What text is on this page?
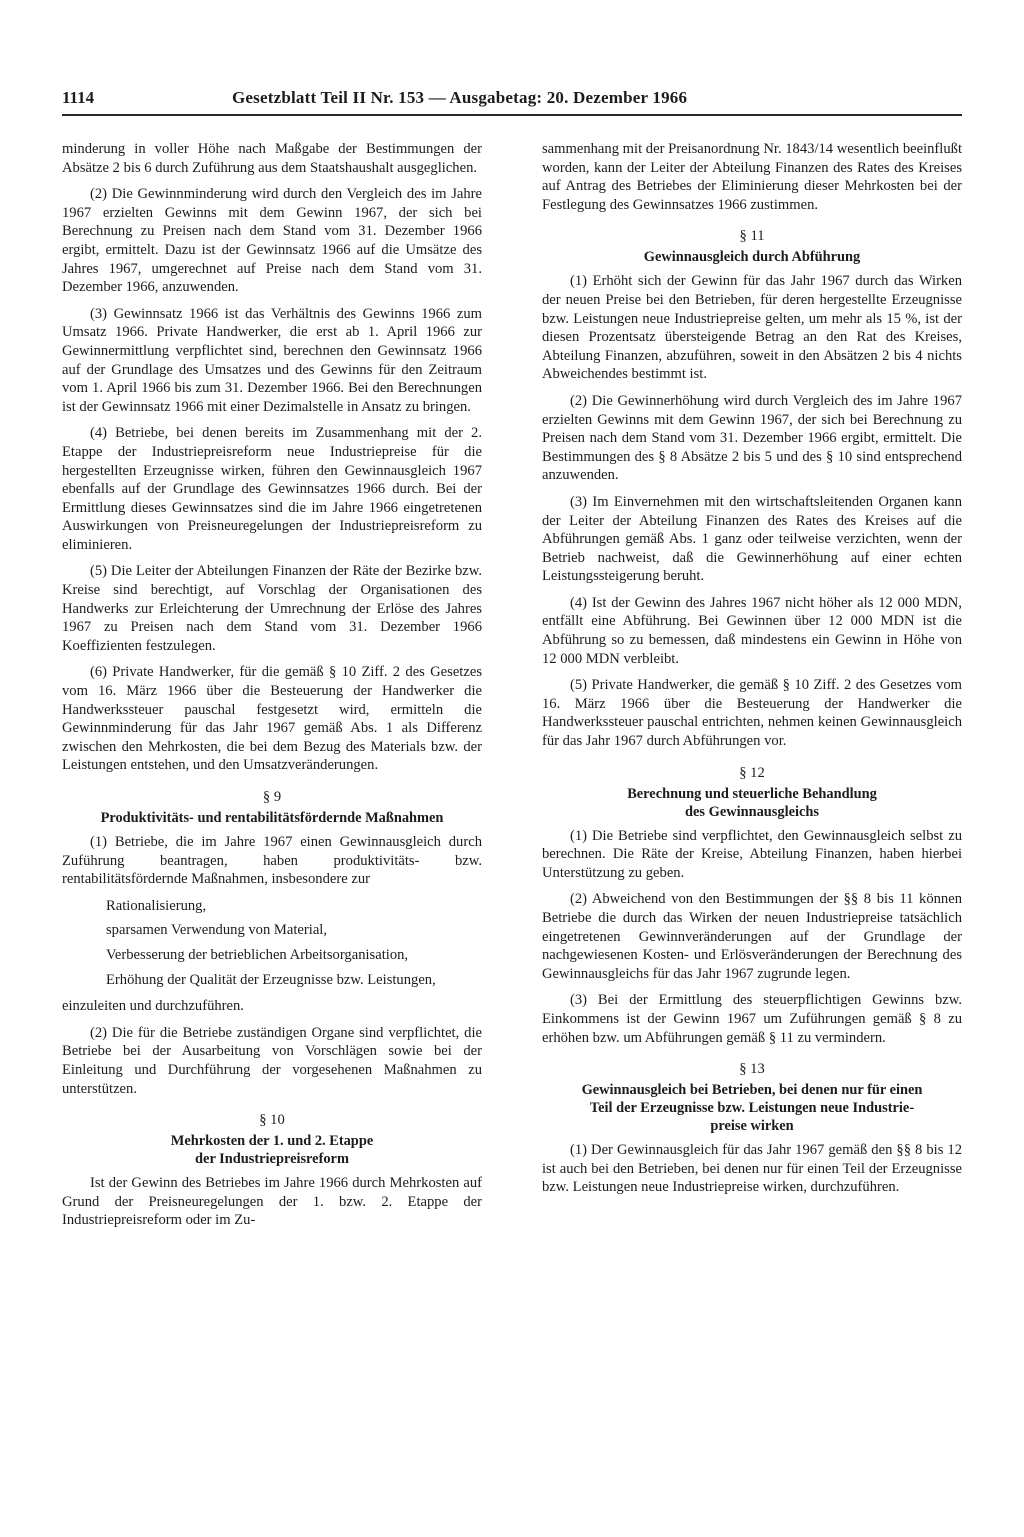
1114	Gesetzblatt Teil II Nr. 153 — Ausgabetag: 20. Dezember 1966

minderung in voller Höhe nach Maßgabe der Bestimmungen der Absätze 2 bis 6 durch Zuführung aus dem Staatshaushalt ausgeglichen.

(2) Die Gewinnminderung wird durch den Vergleich des im Jahre 1967 erzielten Gewinns mit dem Gewinn 1967, der sich bei Berechnung zu Preisen nach dem Stand vom 31. Dezember 1966 ergibt, ermittelt. Dazu ist der Gewinnsatz 1966 auf die Umsätze des Jahres 1967, umgerechnet auf Preise nach dem Stand vom 31. Dezember 1966, anzuwenden.

(3) Gewinnsatz 1966 ist das Verhältnis des Gewinns 1966 zum Umsatz 1966. Private Handwerker, die erst ab 1. April 1966 zur Gewinnermittlung verpflichtet sind, berechnen den Gewinnsatz 1966 auf der Grundlage des Umsatzes und des Gewinns für den Zeitraum vom 1. April 1966 bis zum 31. Dezember 1966. Bei den Berechnungen ist der Gewinnsatz 1966 mit einer Dezimalstelle in Ansatz zu bringen.

(4) Betriebe, bei denen bereits im Zusammenhang mit der 2. Etappe der Industriepreisreform neue Industriepreise für die hergestellten Erzeugnisse wirken, führen den Gewinnausgleich 1967 ebenfalls auf der Grundlage des Gewinnsatzes 1966 durch. Bei der Ermittlung dieses Gewinnsatzes sind die im Jahre 1966 eingetretenen Auswirkungen von Preisneuregelungen der Industriepreisreform zu eliminieren.

(5) Die Leiter der Abteilungen Finanzen der Räte der Bezirke bzw. Kreise sind berechtigt, auf Vorschlag der Organisationen des Handwerks zur Erleichterung der Umrechnung der Erlöse des Jahres 1967 zu Preisen nach dem Stand vom 31. Dezember 1966 Koeffizienten festzulegen.

(6) Private Handwerker, für die gemäß § 10 Ziff. 2 des Gesetzes vom 16. März 1966 über die Besteuerung der Handwerker die Handwerkssteuer pauschal festgesetzt wird, ermitteln die Gewinnminderung für das Jahr 1967 gemäß Abs. 1 als Differenz zwischen den Mehrkosten, die bei dem Bezug des Materials bzw. der Leistungen entstehen, und den Umsatzveränderungen.

§ 9
Produktivitäts- und rentabilitätsfördernde Maßnahmen

(1) Betriebe, die im Jahre 1967 einen Gewinnausgleich durch Zuführung beantragen, haben produktivitäts- bzw. rentabilitätsfördernde Maßnahmen, insbesondere zur

Rationalisierung,
sparsamen Verwendung von Material,
Verbesserung der betrieblichen Arbeitsorganisation,
Erhöhung der Qualität der Erzeugnisse bzw. Leistungen,

einzuleiten und durchzuführen.

(2) Die für die Betriebe zuständigen Organe sind verpflichtet, die Betriebe bei der Ausarbeitung von Vorschlägen sowie bei der Einleitung und Durchführung der vorgesehenen Maßnahmen zu unterstützen.

§ 10
Mehrkosten der 1. und 2. Etappe
der Industriepreisreform

Ist der Gewinn des Betriebes im Jahre 1966 durch Mehrkosten auf Grund der Preisneuregelungen der 1. bzw. 2. Etappe der Industriepreisreform oder im Zu-

sammenhang mit der Preisanordnung Nr. 1843/14 wesentlich beeinflußt worden, kann der Leiter der Abteilung Finanzen des Rates des Kreises auf Antrag des Betriebes der Eliminierung dieser Mehrkosten bei der Festlegung des Gewinnsatzes 1966 zustimmen.

§ 11
Gewinnausgleich durch Abführung

(1) Erhöht sich der Gewinn für das Jahr 1967 durch das Wirken der neuen Preise bei den Betrieben, für deren hergestellte Erzeugnisse bzw. Leistungen neue Industriepreise gelten, um mehr als 15 %, ist der diesen Prozentsatz übersteigende Betrag an den Rat des Kreises, Abteilung Finanzen, abzuführen, soweit in den Absätzen 2 bis 4 nichts Abweichendes bestimmt ist.

(2) Die Gewinnerhöhung wird durch Vergleich des im Jahre 1967 erzielten Gewinns mit dem Gewinn 1967, der sich bei Berechnung zu Preisen nach dem Stand vom 31. Dezember 1966 ergibt, ermittelt. Die Bestimmungen des § 8 Absätze 2 bis 5 und des § 10 sind entsprechend anzuwenden.

(3) Im Einvernehmen mit den wirtschaftsleitenden Organen kann der Leiter der Abteilung Finanzen des Rates des Kreises auf die Abführungen gemäß Abs. 1 ganz oder teilweise verzichten, wenn der Betrieb nachweist, daß die Gewinnerhöhung auf einer echten Leistungssteigerung beruht.

(4) Ist der Gewinn des Jahres 1967 nicht höher als 12 000 MDN, entfällt eine Abführung. Bei Gewinnen über 12 000 MDN ist die Abführung so zu bemessen, daß mindestens ein Gewinn in Höhe von 12 000 MDN verbleibt.

(5) Private Handwerker, die gemäß § 10 Ziff. 2 des Gesetzes vom 16. März 1966 über die Besteuerung der Handwerker die Handwerkssteuer pauschal entrichten, nehmen keinen Gewinnausgleich für das Jahr 1967 durch Abführungen vor.

§ 12
Berechnung und steuerliche Behandlung
des Gewinnausgleichs

(1) Die Betriebe sind verpflichtet, den Gewinnausgleich selbst zu berechnen. Die Räte der Kreise, Abteilung Finanzen, haben hierbei Unterstützung zu geben.

(2) Abweichend von den Bestimmungen der §§ 8 bis 11 können Betriebe die durch das Wirken der neuen Industriepreise tatsächlich eingetretenen Gewinnveränderungen auf der Grundlage der nachgewiesenen Kosten- und Erlösveränderungen der Berechnung des Gewinnausgleichs für das Jahr 1967 zugrunde legen.

(3) Bei der Ermittlung des steuerpflichtigen Gewinns bzw. Einkommens ist der Gewinn 1967 um Zuführungen gemäß § 8 zu erhöhen bzw. um Abführungen gemäß § 11 zu vermindern.

§ 13
Gewinnausgleich bei Betrieben, bei denen nur für einen
Teil der Erzeugnisse bzw. Leistungen neue Industrie-
preise wirken

(1) Der Gewinnausgleich für das Jahr 1967 gemäß den §§ 8 bis 12 ist auch bei den Betrieben, bei denen nur für einen Teil der Erzeugnisse bzw. Leistungen neue Industriepreise wirken, durchzuführen.
